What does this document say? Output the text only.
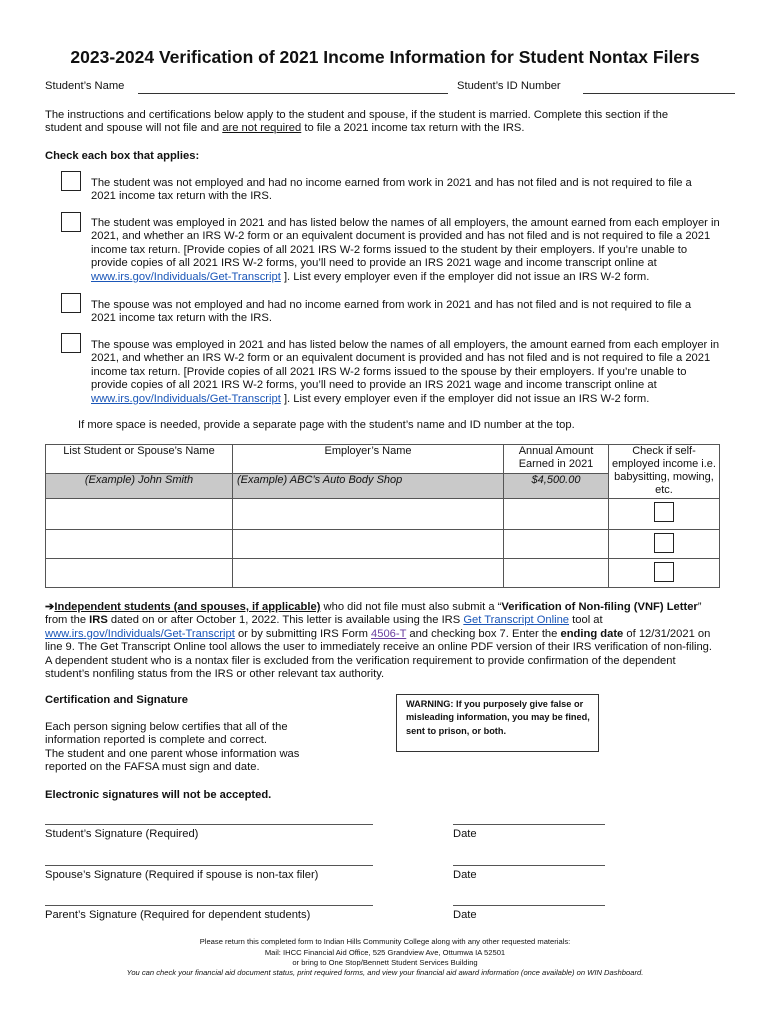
2023-2024 Verification of 2021 Income Information for Student Nontax Filers
Student’s Name	Student’s ID Number
The instructions and certifications below apply to the student and spouse, if the student is married. Complete this section if the student and spouse will not file and are not required to file a 2021 income tax return with the IRS.
Check each box that applies:
The student was not employed and had no income earned from work in 2021 and has not filed and is not required to file a 2021 income tax return with the IRS.
The student was employed in 2021 and has listed below the names of all employers, the amount earned from each employer in 2021, and whether an IRS W-2 form or an equivalent document is provided and has not filed and is not required to file a 2021 income tax return. [Provide copies of all 2021 IRS W-2 forms issued to the student by their employers. If you’re unable to provide copies of all 2021 IRS W-2 forms, you’ll need to provide an IRS 2021 wage and income transcript online at www.irs.gov/Individuals/Get-Transcript ]. List every employer even if the employer did not issue an IRS W-2 form.
The spouse was not employed and had no income earned from work in 2021 and has not filed and is not required to file a 2021 income tax return with the IRS.
The spouse was employed in 2021 and has listed below the names of all employers, the amount earned from each employer in 2021, and whether an IRS W-2 form or an equivalent document is provided and has not filed and is not required to file a 2021 income tax return. [Provide copies of all 2021 IRS W-2 forms issued to the spouse by their employers. If you’re unable to provide copies of all 2021 IRS W-2 forms, you’ll need to provide an IRS 2021 wage and income transcript online at www.irs.gov/Individuals/Get-Transcript ]. List every employer even if the employer did not issue an IRS W-2 form.
If more space is needed, provide a separate page with the student’s name and ID number at the top.
List Student or Spouse’s Name	Employer’s Name	Annual Amount Earned in 2021	Check if self-employed income i.e. babysitting, mowing, etc.
(Example) John Smith	(Example) ABC’s Auto Body Shop	$4,500.00	

➔Independent students (and spouses, if applicable) who did not file must also submit a “Verification of Non-filing (VNF) Letter” from the IRS dated on or after October 1, 2022. This letter is available using the IRS Get Transcript Online tool at www.irs.gov/Individuals/Get-Transcript or by submitting IRS Form 4506-T and checking box 7. Enter the ending date of 12/31/2021 on line 9. The Get Transcript Online tool allows the user to immediately receive an online PDF version of their IRS verification of non-filing. A dependent student who is a nontax filer is excluded from the verification requirement to provide confirmation of the dependent student’s nonfiling status from the IRS or other relevant tax authority.
Certification and Signature
Each person signing below certifies that all of the information reported is complete and correct.
The student and one parent whose information was reported on the FAFSA must sign and date.
WARNING: If you purposely give false or misleading information, you may be fined, sent to prison, or both.
Electronic signatures will not be accepted.
Student’s Signature (Required)	Date
Spouse’s Signature (Required if spouse is non-tax filer)	Date
Parent’s Signature (Required for dependent students)	Date
Please return this completed form to Indian Hills Community College along with any other requested materials:
Mail: IHCC Financial Aid Office, 525 Grandview Ave, Ottumwa IA 52501
or bring to One Stop/Bennett Student Services Building
You can check your financial aid document status, print required forms, and view your financial aid award information (once available) on WIN Dashboard.
